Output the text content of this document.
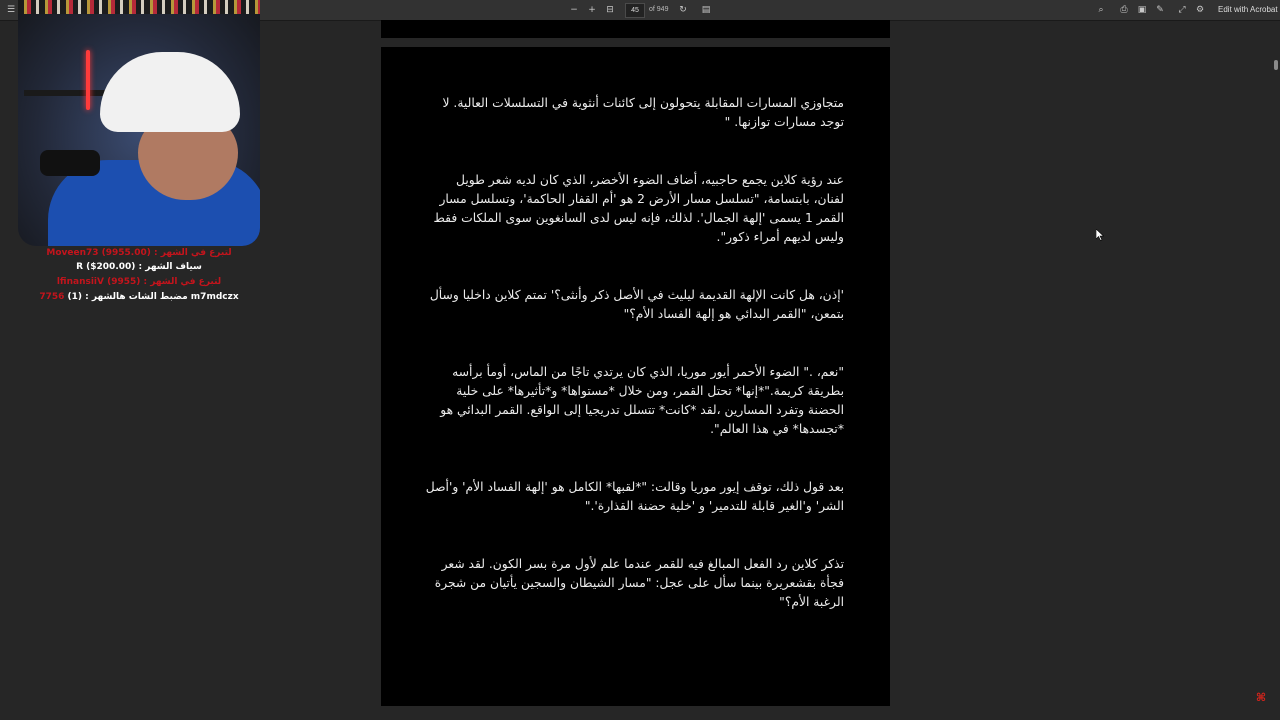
☰	−	+	⊟	45	of 949	↻	▤	⌕	⎙	▣	✎	⤢	⚙	Edit with Acrobat

متجاوزي المسارات المقابلة يتحولون إلى كائنات أنثوية في التسلسلات العالية. لا توجد مسارات توازنها. "

عند رؤية كلاين يجمع حاجبيه، أضاف الضوء الأخضر، الذي كان لديه شعر طويل لفنان، بابتسامة، "تسلسل مسار الأرض 2 هو 'أم القفار الحاكمة'، وتسلسل مسار القمر 1 يسمى 'إلهة الجمال'. لذلك، فإنه ليس لدى السانغوين سوى الملكات فقط وليس لديهم أمراء ذكور".

'إذن، هل كانت الإلهة القديمة ليليث في الأصل ذكر وأنثى؟' تمتم كلاين داخليا وسأل بتمعن، "القمر البدائي هو إلهة الفساد الأم؟"

"نعم، ." الضوء الأحمر أيور موريا، الذي كان يرتدي تاجًا من الماس، أومأ برأسه بطريقة كريمة."*إنها* تحتل القمر، ومن خلال *مستواها* و*تأثيرها* على خلية الحضنة وتفرد المسارين ،لقد *كانت* تتسلل تدريجيا إلى الواقع. القمر البدائي هو *تجسدها* في هذا العالم".

بعد قول ذلك، توقف إيور موريا وقالت: "*لقبها* الكامل هو 'إلهة الفساد الأم' و'أصل الشر' و'الغير قابلة للتدمير' و 'خلية حضنة القذارة'."

تذكر كلاين رد الفعل المبالغ فيه للقمر عندما علم لأول مرة بسر الكون. لقد شعر فجأة بقشعريرة بينما سأل على عجل: "مسار الشيطان والسجين يأتيان من شجرة الرغبة الأم؟"

Moveen73 (9955.00) : لتبرع في الشهر
R ($200.00) : سياف الشهر
lfinansiiV (9955) : لتبرع في الشهر
7756 مضبط الشات هالشهر : (1) m7mdczx
⌘
